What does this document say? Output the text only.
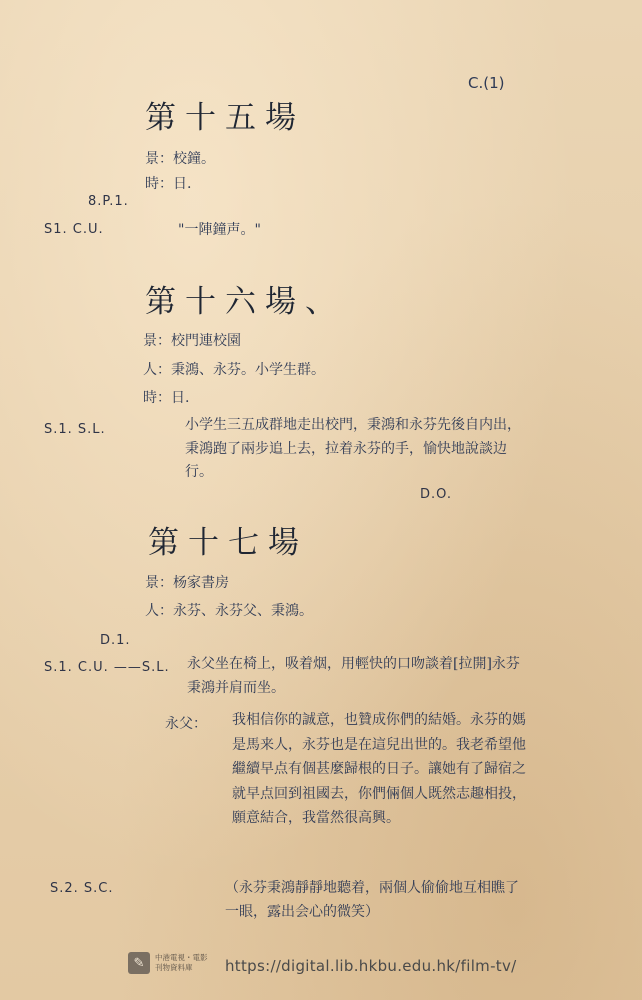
C.(1)
第十五場
景：校鐘。
時：日.
8.P.1.
S1. C.U.	"一陣鐘声。"
第十六場、
景：校門連校園
人：秉鴻、永芬。小学生群。
時：日.
S.1. S.L.	小学生三五成群地走出校門，秉鴻和永芬先後自内出，秉鴻跑了兩步追上去，拉着永芬的手，愉快地說談边行。
D.O.
第十七場
景：杨家書房
人：永芬、永芬父、秉鴻。
D.1.
S.1. C.U. ——S.L. 永父坐在椅上，吸着烟，用輕快的口吻談着[拉開]永芬秉鴻并肩而坐。
永父： 我相信你的誠意，也贊成你們的結婚。永芬的媽是馬来人，永芬也是在這兒出世的。我老希望他繼續早点有個甚麼歸根的日子。讓她有了歸宿之就早点回到祖國去，你們倆個人既然志趣相投，願意結合，我當然很高興。
S.2. S.C.	（永芬秉鴻靜靜地聽着，兩個人偷偷地互相瞧了一眼，露出会心的微笑）
✎	中港電視・電影
刊物資料庫	https://digital.lib.hkbu.edu.hk/film-tv/
